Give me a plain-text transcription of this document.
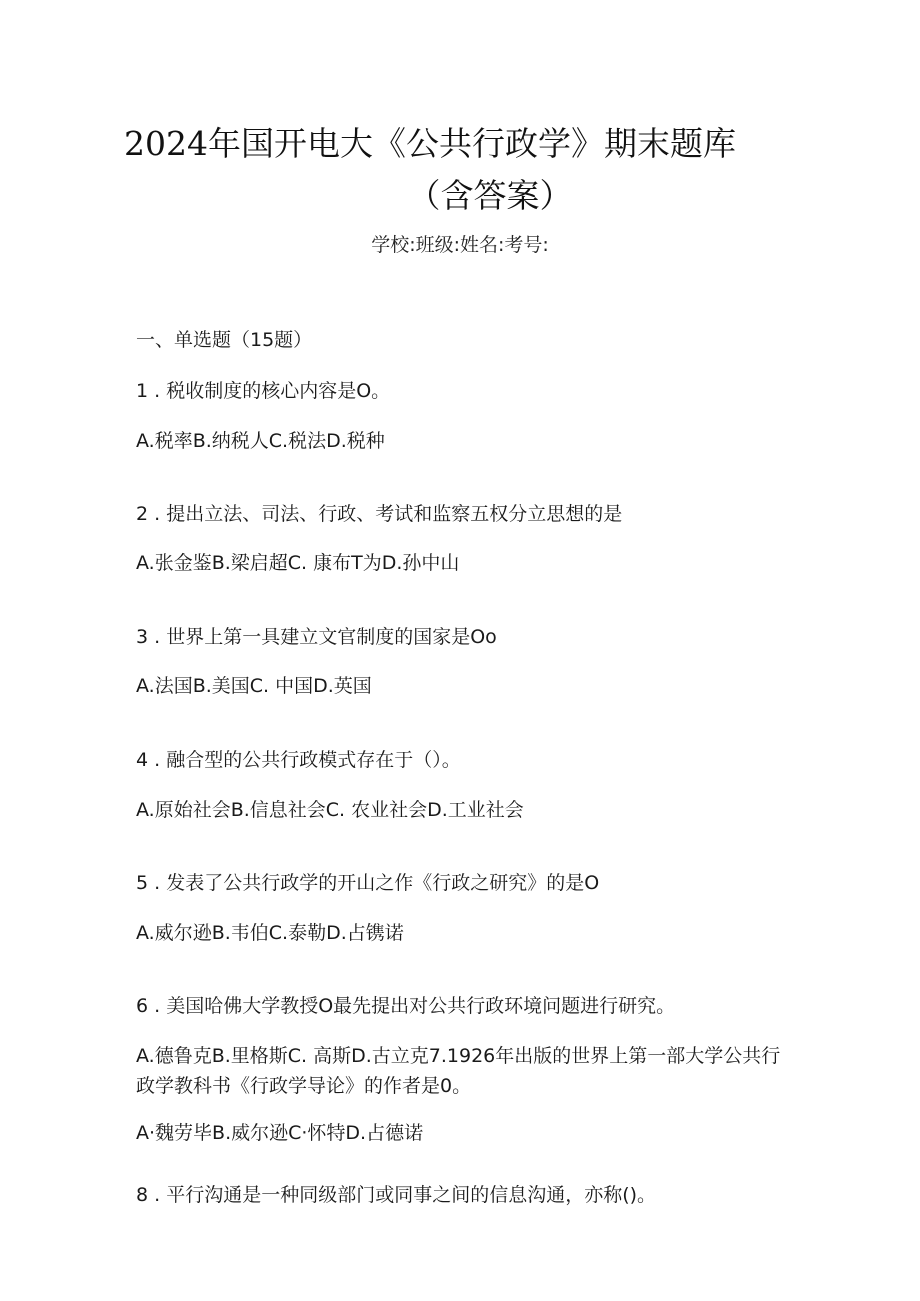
2024年国开电大《公共行政学》期末题库
（含答案）
学校:班级:姓名:考号:
一、单选题（15题）
1 . 税收制度的核心内容是O。
A.税率B.纳税人C.税法D.税种
2 . 提出立法、司法、行政、考试和监察五权分立思想的是
A.张金鉴B.梁启超C. 康布T为D.孙中山
3 . 世界上第一具建立文官制度的国家是Oo
A.法国B.美国C. 中国D.英国
4 . 融合型的公共行政模式存在于（）。
A.原始社会B.信息社会C. 农业社会D.工业社会
5 . 发表了公共行政学的开山之作《行政之研究》的是O
A.威尔逊B.韦伯C.泰勒D.占镌诺
6 . 美国哈佛大学教授O最先提出对公共行政环境问题进行研究。
A.德鲁克B.里格斯C. 高斯D.古立克7.1926年出版的世界上第一部大学公共行政学教科书《行政学导论》的作者是0。
A·魏劳毕B.威尔逊C·怀特D.占德诺
8 . 平行沟通是一种同级部门或同事之间的信息沟通，亦称()。
